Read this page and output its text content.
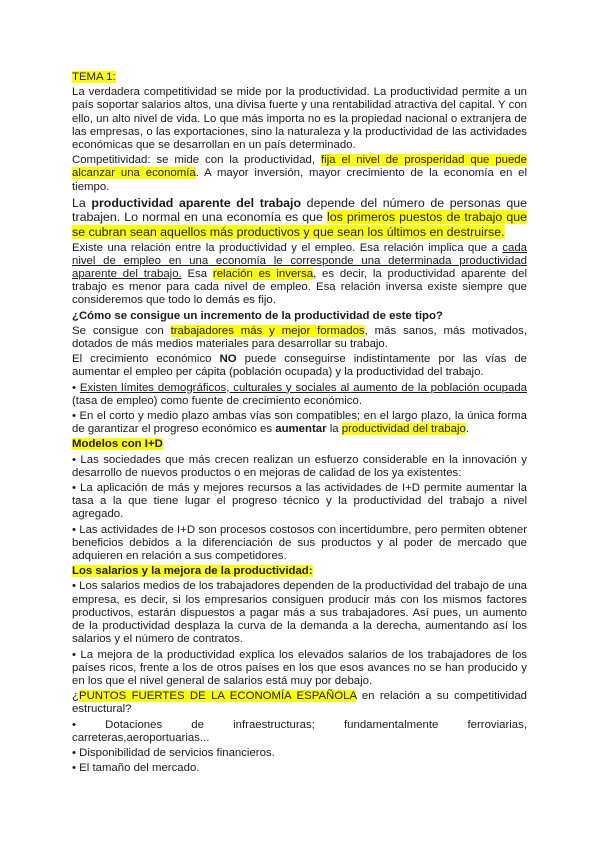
TEMA 1:

La verdadera competitividad se mide por la productividad. La productividad permite a un país soportar salarios altos, una divisa fuerte y una rentabilidad atractiva del capital. Y con ello, un alto nivel de vida. Lo que más importa no es la propiedad nacional o extranjera de las empresas, o las exportaciones, sino la naturaleza y la productividad de las actividades económicas que se desarrollan en un país determinado.

Competitividad: se mide con la productividad, fija el nivel de prosperidad que puede alcanzar una economía. A mayor inversión, mayor crecimiento de la economía en el tiempo.

La productividad aparente del trabajo depende del número de personas que trabajen. Lo normal en una economía es que los primeros puestos de trabajo que se cubran sean aquellos más productivos y que sean los últimos en destruirse.

Existe una relación entre la productividad y el empleo. Esa relación implica que a cada nivel de empleo en una economía le corresponde una determinada productividad aparente del trabajo. Esa relación es inversa, es decir, la productividad aparente del trabajo es menor para cada nivel de empleo. Esa relación inversa existe siempre que consideremos que todo lo demás es fijo.

¿Cómo se consigue un incremento de la productividad de este tipo?

Se consigue con trabajadores más y mejor formados, más sanos, más motivados, dotados de más medios materiales para desarrollar su trabajo.

El crecimiento económico NO puede conseguirse indistintamente por las vías de aumentar el empleo per cápita (población ocupada) y la productividad del trabajo.

• Existen límites demográficos, culturales y sociales al aumento de la población ocupada (tasa de empleo) como fuente de crecimiento económico.

• En el corto y medio plazo ambas vías son compatibles; en el largo plazo, la única forma de garantizar el progreso económico es aumentar la productividad del trabajo.

Modelos con I+D

• Las sociedades que más crecen realizan un esfuerzo considerable en la innovación y desarrollo de nuevos productos o en mejoras de calidad de los ya existentes:

• La aplicación de más y mejores recursos a las actividades de I+D permite aumentar la tasa a la que tiene lugar el progreso técnico y la productividad del trabajo a nivel agregado.

• Las actividades de I+D son procesos costosos con incertidumbre, pero permiten obtener beneficios debidos a la diferenciación de sus productos y al poder de mercado que adquieren en relación a sus competidores.

Los salarios y la mejora de la productividad:

• Los salarios medios de los trabajadores dependen de la productividad del trabajo de una empresa, es decir, si los empresarios consiguen producir más con los mismos factores productivos, estarán dispuestos a pagar más a sus trabajadores. Así pues, un aumento de la productividad desplaza la curva de la demanda a la derecha, aumentando así los salarios y el número de contratos.

• La mejora de la productividad explica los elevados salarios de los trabajadores de los países ricos, frente a los de otros países en los que esos avances no se han producido y en los que el nivel general de salarios está muy por debajo.

¿PUNTOS FUERTES DE LA ECONOMÍA ESPAÑOLA en relación a su competitividad estructural?

• Dotaciones de infraestructuras; fundamentalmente ferroviarias, carreteras,aeroportuarias...

• Disponibilidad de servicios financieros.

• El tamaño del mercado.
